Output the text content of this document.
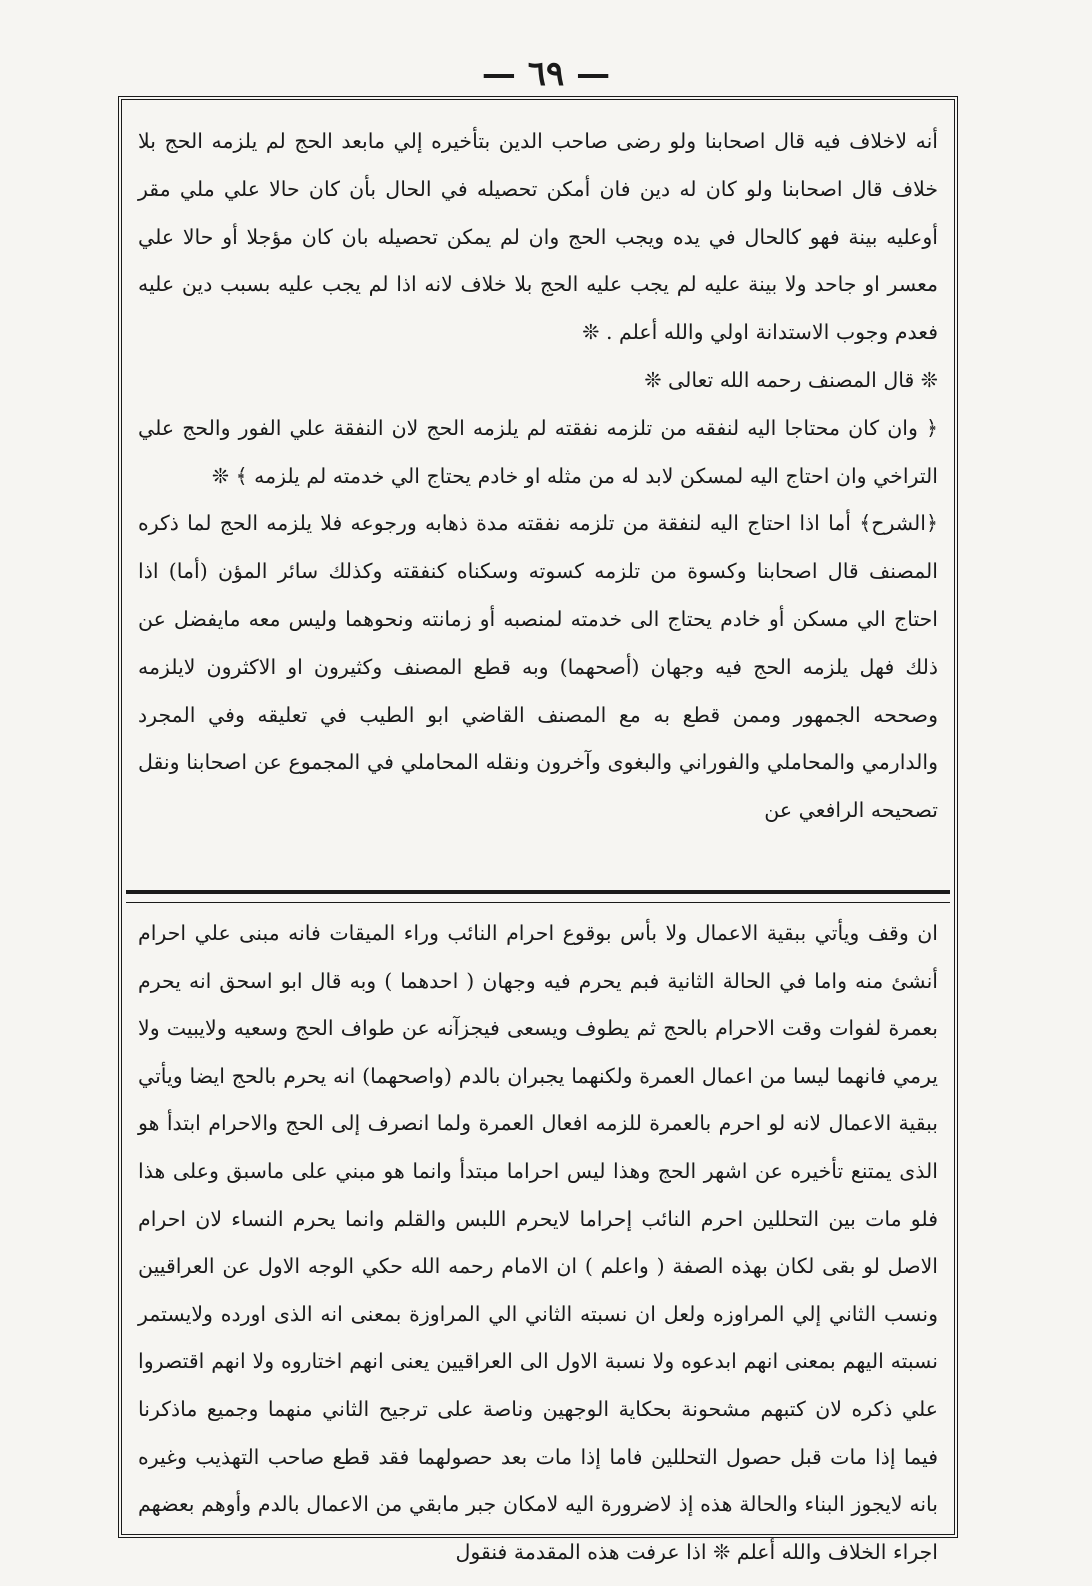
— ٦٩ —

أنه لاخلاف فيه قال اصحابنا ولو رضى صاحب الدين بتأخيره إلي مابعد الحج لم يلزمه الحج بلا خلاف قال اصحابنا ولو كان له دين فان أمكن تحصيله في الحال بأن كان حالا علي ملي مقر أوعليه بينة فهو كالحال في يده ويجب الحج وان لم يمكن تحصيله بان كان مؤجلا أو حالا علي معسر او جاحد ولا بينة عليه لم يجب عليه الحج بلا خلاف لانه اذا لم يجب عليه بسبب دين عليه فعدم وجوب الاستدانة اولي والله أعلم . ❊

❊ قال المصنف رحمه الله تعالى ❊

﴿ وان كان محتاجا اليه لنفقه من تلزمه نفقته لم يلزمه الحج لان النفقة علي الفور والحج علي التراخي وان احتاج اليه لمسكن لابد له من مثله او خادم يحتاج الي خدمته لم يلزمه ﴾ ❊

﴿الشرح﴾ أما اذا احتاج اليه لنفقة من تلزمه نفقته مدة ذهابه ورجوعه فلا يلزمه الحج لما ذكره المصنف قال اصحابنا وكسوة من تلزمه كسوته وسكناه كنفقته وكذلك سائر المؤن (أما) اذا احتاج الي مسكن أو خادم يحتاج الى خدمته لمنصبه أو زمانته ونحوهما وليس معه مايفضل عن ذلك فهل يلزمه الحج فيه وجهان (أصحهما) وبه قطع المصنف وكثيرون او الاكثرون لايلزمه وصححه الجمهور وممن قطع به مع المصنف القاضي ابو الطيب في تعليقه وفي المجرد والدارمي والمحاملي والفوراني والبغوى وآخرون ونقله المحاملي في المجموع عن اصحابنا ونقل تصحيحه الرافعي عن

ان وقف ويأتي ببقية الاعمال ولا بأس بوقوع احرام النائب وراء الميقات فانه مبنى علي احرام أنشئ منه واما في الحالة الثانية فبم يحرم فيه وجهان ( احدهما ) وبه قال ابو اسحق انه يحرم بعمرة لفوات وقت الاحرام بالحج ثم يطوف ويسعى فيجزآنه عن طواف الحج وسعيه ولايبيت ولا يرمي فانهما ليسا من اعمال العمرة ولكنهما يجبران بالدم (واصحهما) انه يحرم بالحج ايضا ويأتي ببقية الاعمال لانه لو احرم بالعمرة للزمه افعال العمرة ولما انصرف إلى الحج والاحرام ابتدأ هو الذى يمتنع تأخيره عن اشهر الحج وهذا ليس احراما مبتدأ وانما هو مبني على ماسبق وعلى هذا فلو مات بين التحللين احرم النائب إحراما لايحرم اللبس والقلم وانما يحرم النساء لان احرام الاصل لو بقى لكان بهذه الصفة ( واعلم ) ان الامام رحمه الله حكي الوجه الاول عن العراقيين ونسب الثاني إلي المراوزه ولعل ان نسبته الثاني الي المراوزة بمعنى انه الذى اورده ولايستمر نسبته اليهم بمعنى انهم ابدعوه ولا نسبة الاول الى العراقيين يعنى انهم اختاروه ولا انهم اقتصروا علي ذكره لان كتبهم مشحونة بحكاية الوجهين وناصة على ترجيح الثاني منهما وجميع ماذكرنا فيما إذا مات قبل حصول التحللين فاما إذا مات بعد حصولهما فقد قطع صاحب التهذيب وغيره بانه لايجوز البناء والحالة هذه إذ لاضرورة اليه لامكان جبر مابقي من الاعمال بالدم وأوهم بعضهم اجراء الخلاف والله أعلم ❊ اذا عرفت هذه المقدمة فنقول
